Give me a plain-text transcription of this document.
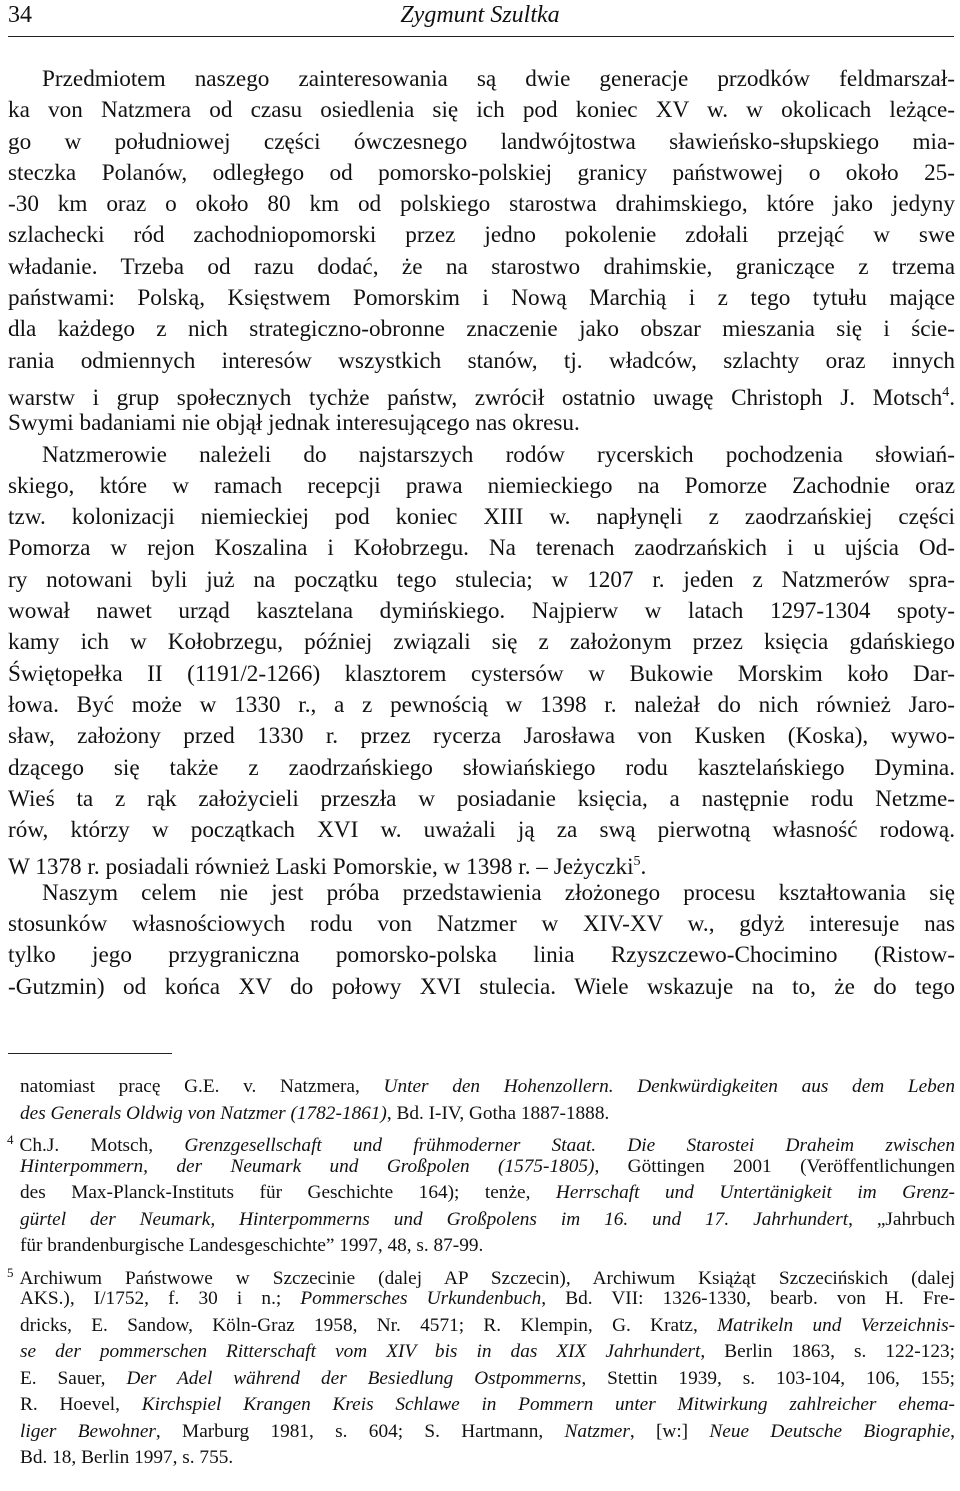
34	Zygmunt Szultka
Przedmiotem naszego zainteresowania są dwie generacje przodków feldmarszał-
ka von Natzmera od czasu osiedlenia się ich pod koniec XV w. w okolicach leżące-
go w południowej części ówczesnego landwójtostwa sławieńsko-słupskiego mia-
steczka Polanów, odległego od pomorsko-polskiej granicy państwowej o około 25-
-30 km oraz o około 80 km od polskiego starostwa drahimskiego, które jako jedyny
szlachecki ród zachodniopomorski przez jedno pokolenie zdołali przejąć w swe
władanie. Trzeba od razu dodać, że na starostwo drahimskie, graniczące z trzema
państwami: Polską, Księstwem Pomorskim i Nową Marchią i z tego tytułu mające
dla każdego z nich strategiczno-obronne znaczenie jako obszar mieszania się i ście-
rania odmiennych interesów wszystkich stanów, tj. władców, szlachty oraz innych
warstw i grup społecznych tychże państw, zwrócił ostatnio uwagę Christoph J. Motsch$^4$.
Swymi badaniami nie objął jednak interesującego nas okresu.
Natzmerowie należeli do najstarszych rodów rycerskich pochodzenia słowiań-
skiego, które w ramach recepcji prawa niemieckiego na Pomorze Zachodnie oraz
tzw. kolonizacji niemieckiej pod koniec XIII w. napłynęli z zaodrzańskiej części
Pomorza w rejon Koszalina i Kołobrzegu. Na terenach zaodrzańskich i u ujścia Od-
ry notowani byli już na początku tego stulecia; w 1207 r. jeden z Natzmerów spra-
wował nawet urząd kasztelana dymińskiego. Najpierw w latach 1297-1304 spoty-
kamy ich w Kołobrzegu, później związali się z założonym przez księcia gdańskiego
Świętopełka II (1191/2-1266) klasztorem cystersów w Bukowie Morskim koło Dar-
łowa. Być może w 1330 r., a z pewnością w 1398 r. należał do nich również Jaro-
sław, założony przed 1330 r. przez rycerza Jarosława von Kusken (Koska), wywo-
dzącego się także z zaodrzańskiego słowiańskiego rodu kasztelańskiego Dymina.
Wieś ta z rąk założycieli przeszła w posiadanie księcia, a następnie rodu Netzme-
rów, którzy w początkach XVI w. uważali ją za swą pierwotną własność rodową.
W 1378 r. posiadali również Laski Pomorskie, w 1398 r. – Jeżyczki$^5$.
Naszym celem nie jest próba przedstawienia złożonego procesu kształtowania się
stosunków własnościowych rodu von Natzmer w XIV-XV w., gdyż interesuje nas
tylko jego przygraniczna pomorsko-polska linia Rzyszczewo-Chocimino (Ristow-
-Gutzmin) od końca XV do połowy XVI stulecia. Wiele wskazuje na to, że do tego
natomiast pracę G.E. v. Natzmera, Unter den Hohenzollern. Denkwürdigkeiten aus dem Leben
des Generals Oldwig von Natzmer (1782-1861), Bd. I-IV, Gotha 1887-1888.
$^4$ Ch.J. Motsch, Grenzgesellschaft und frühmoderner Staat. Die Starostei Draheim zwischen
Hinterpommern, der Neumark und Großpolen (1575-1805), Göttingen 2001 (Veröffentlichungen
des Max-Planck-Instituts für Geschichte 164); tenże, Herrschaft und Untertänigkeit im Grenz-
gürtel der Neumark, Hinterpommerns und Großpolens im 16. und 17. Jahrhundert, „Jahrbuch
für brandenburgische Landesgeschichte” 1997, 48, s. 87-99.
$^5$ Archiwum Państwowe w Szczecinie (dalej AP Szczecin), Archiwum Książąt Szczecińskich (dalej
AKS.), I/1752, f. 30 i n.; Pommersches Urkundenbuch, Bd. VII: 1326-1330, bearb. von H. Fre-
dricks, E. Sandow, Köln-Graz 1958, Nr. 4571; R. Klempin, G. Kratz, Matrikeln und Verzeichnis-
se der pommerschen Ritterschaft vom XIV bis in das XIX Jahrhundert, Berlin 1863, s. 122-123;
E. Sauer, Der Adel während der Besiedlung Ostpommerns, Stettin 1939, s. 103-104, 106, 155;
R. Hoevel, Kirchspiel Krangen Kreis Schlawe in Pommern unter Mitwirkung zahlreicher ehema-
liger Bewohner, Marburg 1981, s. 604; S. Hartmann, Natzmer, [w:] Neue Deutsche Biographie,
Bd. 18, Berlin 1997, s. 755.
